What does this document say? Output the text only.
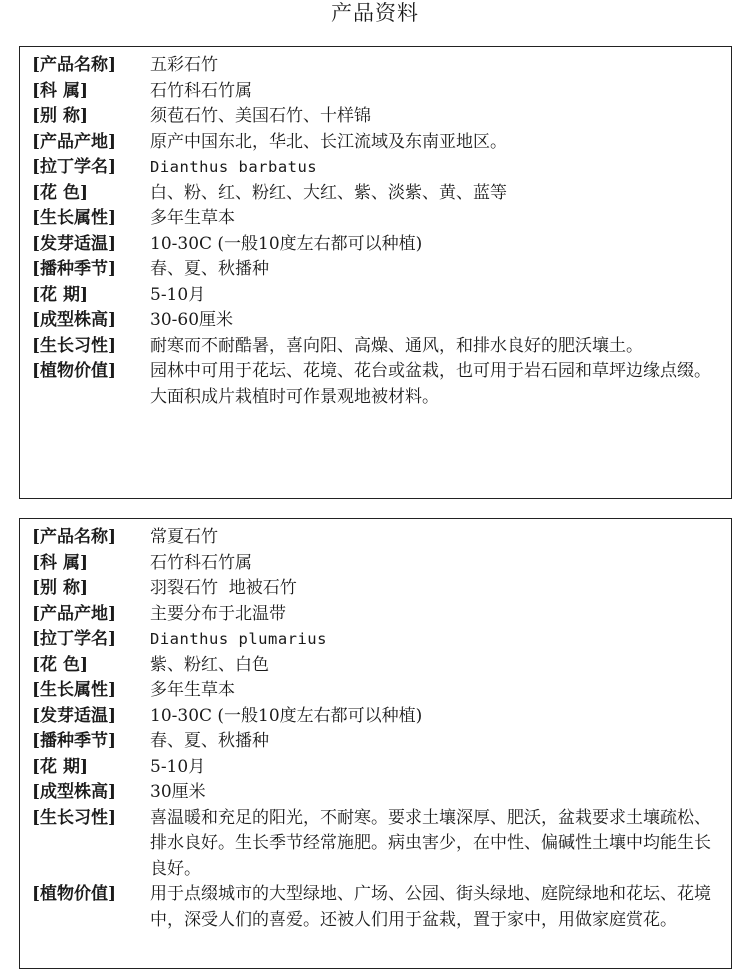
产品资料
[产品名称]	五彩石竹
[科 属]	石竹科石竹属
[别 称]	须苞石竹、美国石竹、十样锦
[产品产地]	原产中国东北，华北、长江流域及东南亚地区。
[拉丁学名]	Dianthus barbatus
[花 色]	白、粉、红、粉红、大红、紫、淡紫、黄、蓝等
[生长属性]	多年生草本
[发芽适温]	10-30C (一般10度左右都可以种植)
[播种季节]	春、夏、秋播种
[花 期]	5-10月
[成型株高]	30-60厘米
[生长习性]	耐寒而不耐酷暑，喜向阳、高燥、通风，和排水良好的肥沃壤土。
[植物价值]	园林中可用于花坛、花境、花台或盆栽，也可用于岩石园和草坪边缘点缀。大面积成片栽植时可作景观地被材料。
[产品名称]	常夏石竹
[科 属]	石竹科石竹属
[别 称]	羽裂石竹  地被石竹
[产品产地]	主要分布于北温带
[拉丁学名]	Dianthus plumarius
[花 色]	紫、粉红、白色
[生长属性]	多年生草本
[发芽适温]	10-30C (一般10度左右都可以种植)
[播种季节]	春、夏、秋播种
[花 期]	5-10月
[成型株高]	30厘米
[生长习性]	喜温暖和充足的阳光，不耐寒。要求土壤深厚、肥沃，盆栽要求土壤疏松、排水良好。生长季节经常施肥。病虫害少，在中性、偏碱性土壤中均能生长良好。
[植物价值]	用于点缀城市的大型绿地、广场、公园、街头绿地、庭院绿地和花坛、花境中，深受人们的喜爱。还被人们用于盆栽，置于家中，用做家庭赏花。
